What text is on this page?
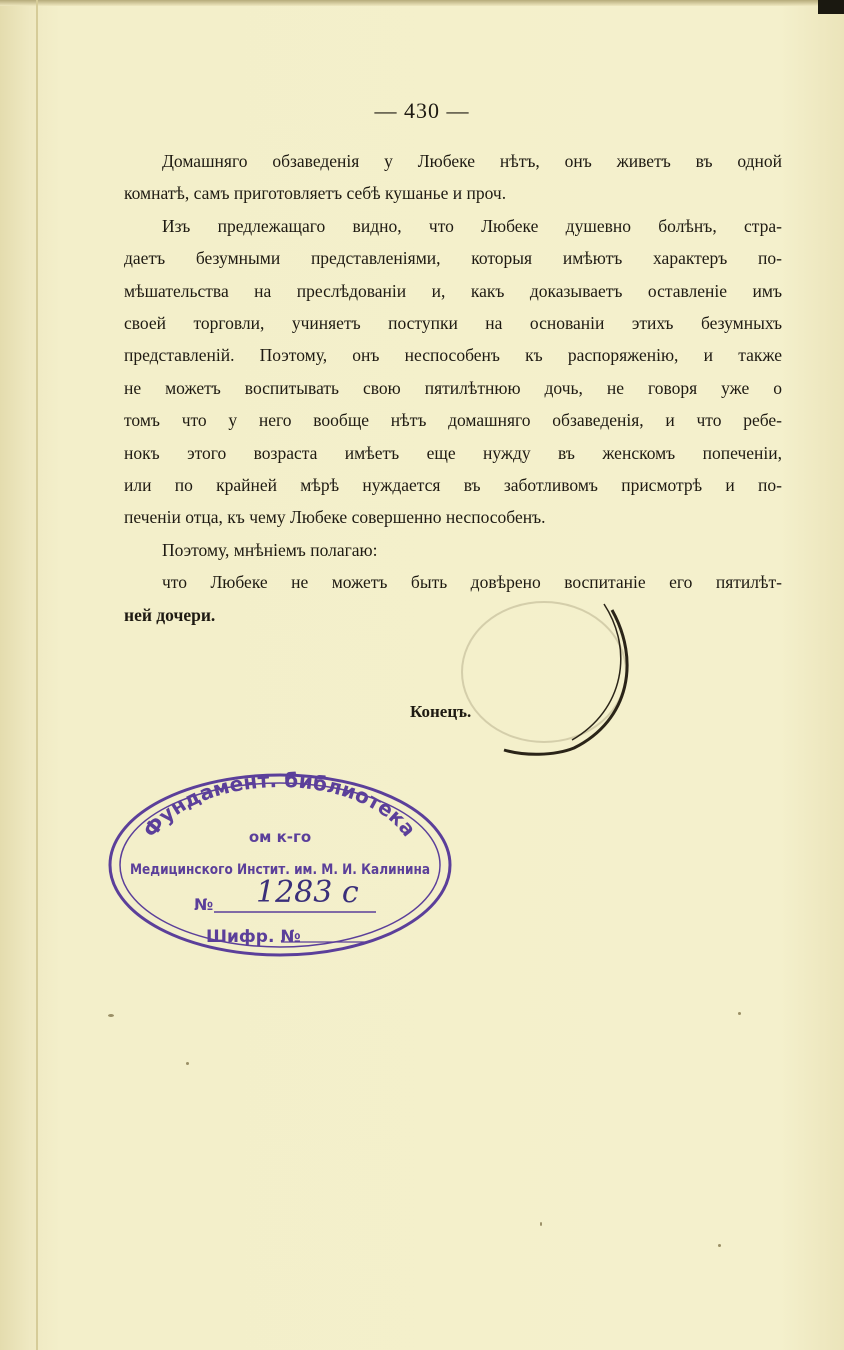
— 430 —
Домашняго обзаведенія у Любеке нѣтъ, онъ живетъ въ одной
комнатѣ, самъ приготовляетъ себѣ кушанье и проч.
Изъ предлежащаго видно, что Любеке душевно болѣнъ, стра-
даетъ безумными представленіями, которыя имѣютъ характеръ по-
мѣшательства на преслѣдованіи и, какъ доказываетъ оставленіе имъ
своей торговли, учиняетъ поступки на основаніи этихъ безумныхъ
представленій. Поэтому, онъ неспособенъ къ распоряженію, и также
не можетъ воспитывать свою пятилѣтнюю дочь, не говоря уже о
томъ что у него вообще нѣтъ домашняго обзаведенія, и что ребе-
нокъ этого возраста имѣетъ еще нужду въ женскомъ попеченіи,
или по крайней мѣрѣ нуждается въ заботливомъ присмотрѣ и по-
печеніи отца, къ чему Любеке совершенно неспособенъ.
Поэтому, мнѣніемъ полагаю:
что Любеке не можетъ быть довѣрено воспитаніе его пятилѣт-
ней дочери.
Конецъ.
Фундамент. библиотека
ом к-го
Медицинского Инстит. им. М. И. Калинина
№ 1283 с
Шифр. №
